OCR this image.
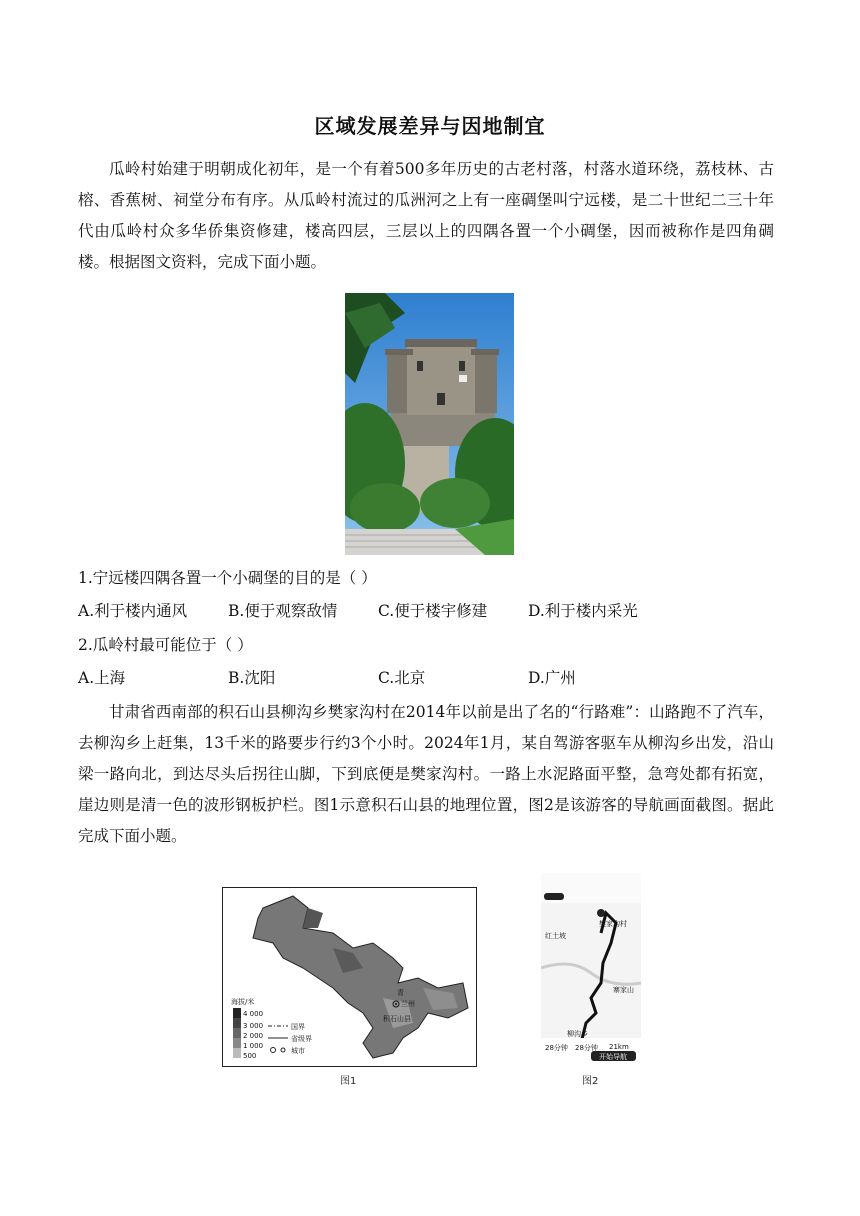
区域发展差异与因地制宜

瓜岭村始建于明朝成化初年，是一个有着500多年历史的古老村落，村落水道环绕，荔枝林、古榕、香蕉树、祠堂分布有序。从瓜岭村流过的瓜洲河之上有一座碉堡叫宁远楼，是二十世纪二三十年代由瓜岭村众多华侨集资修建，楼高四层，三层以上的四隅各置一个小碉堡，因而被称作是四角碉楼。根据图文资料，完成下面小题。

1.宁远楼四隅各置一个小碉堡的目的是（ ）

A.利于楼内通风	B.便于观察敌情	C.便于楼宇修建	D.利于楼内采光

2.瓜岭村最可能位于（ ）

A.上海	B.沈阳	C.北京	D.广州

甘肃省西南部的积石山县柳沟乡樊家沟村在2014年以前是出了名的“行路难”：山路跑不了汽车，去柳沟乡上赶集，13千米的路要步行约3个小时。2024年1月，某自驾游客驱车从柳沟乡出发，沿山梁一路向北，到达尽头后拐往山脚，下到底便是樊家沟村。一路上水泥路面平整，急弯处都有拓宽，崖边则是清一色的波形钢板护栏。图1示意积石山县的地理位置，图2是该游客的导航画面截图。据此完成下面小题。

海拔/米
4 000
3 000
2 000
1 000
500
国界
省级界
城市
兰州
积石山县
青
图1
樊家沟村
红土坡
柳沟乡
寨家山
28分钟 28分钟 21km
开始导航
图2
